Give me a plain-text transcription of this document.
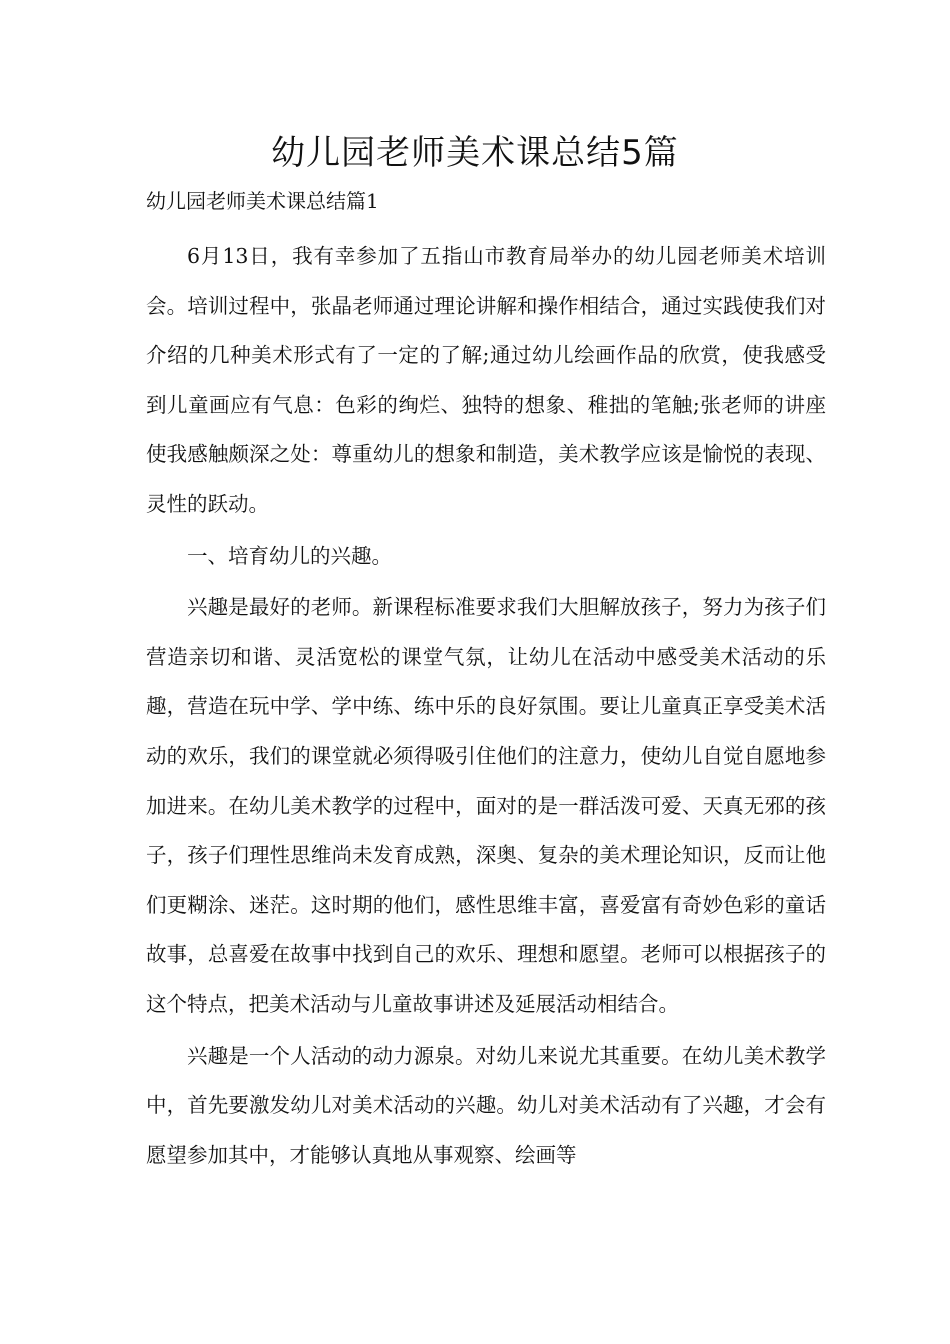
幼儿园老师美术课总结5篇

幼儿园老师美术课总结篇1

6月13日，我有幸参加了五指山市教育局举办的幼儿园老师美术培训会。培训过程中，张晶老师通过理论讲解和操作相结合，通过实践使我们对介绍的几种美术形式有了一定的了解;通过幼儿绘画作品的欣赏，使我感受到儿童画应有气息：色彩的绚烂、独特的想象、稚拙的笔触;张老师的讲座使我感触颇深之处：尊重幼儿的想象和制造，美术教学应该是愉悦的表现、灵性的跃动。

一、培育幼儿的兴趣。

兴趣是最好的老师。新课程标准要求我们大胆解放孩子，努力为孩子们营造亲切和谐、灵活宽松的课堂气氛，让幼儿在活动中感受美术活动的乐趣，营造在玩中学、学中练、练中乐的良好氛围。要让儿童真正享受美术活动的欢乐，我们的课堂就必须得吸引住他们的注意力，使幼儿自觉自愿地参加进来。在幼儿美术教学的过程中，面对的是一群活泼可爱、天真无邪的孩子，孩子们理性思维尚未发育成熟，深奥、复杂的美术理论知识，反而让他们更糊涂、迷茫。这时期的他们，感性思维丰富，喜爱富有奇妙色彩的童话故事，总喜爱在故事中找到自己的欢乐、理想和愿望。老师可以根据孩子的这个特点，把美术活动与儿童故事讲述及延展活动相结合。

兴趣是一个人活动的动力源泉。对幼儿来说尤其重要。在幼儿美术教学中，首先要激发幼儿对美术活动的兴趣。幼儿对美术活动有了兴趣，才会有愿望参加其中，才能够认真地从事观察、绘画等
